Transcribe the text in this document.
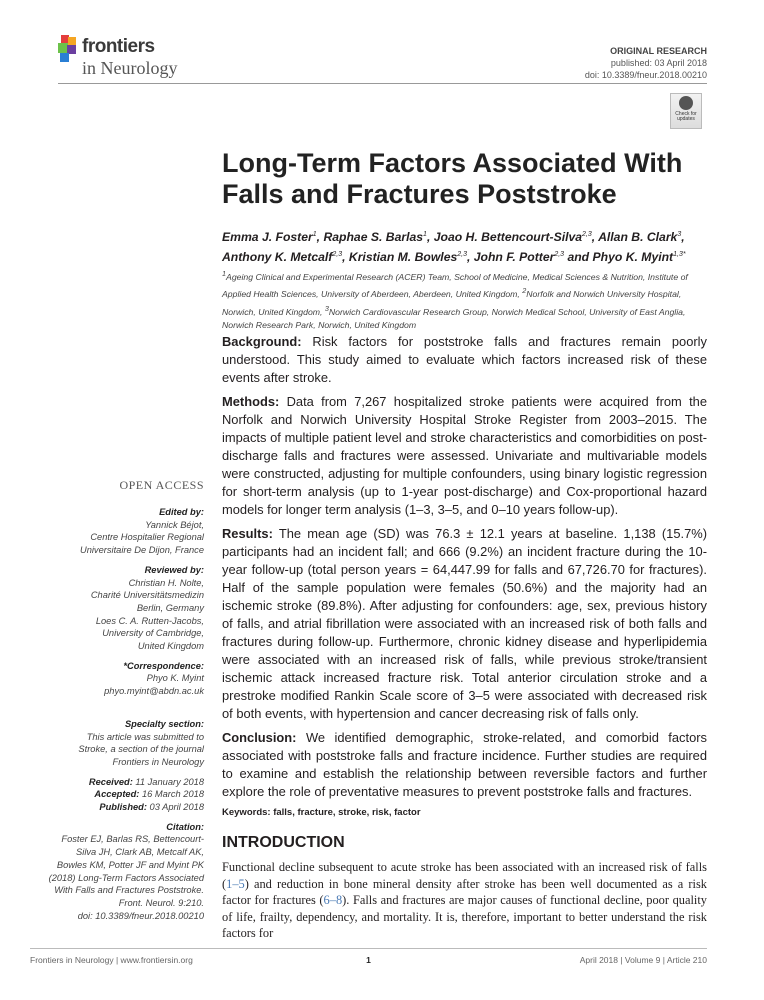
frontiers
in Neurology
ORIGINAL RESEARCH
published: 03 April 2018
doi: 10.3389/fneur.2018.00210
Check for updates
Long-Term Factors Associated With Falls and Fractures Poststroke
Emma J. Foster$^1$, Raphae S. Barlas$^1$, Joao H. Bettencourt-Silva$^{2,3}$, Allan B. Clark$^3$,
Anthony K. Metcalf$^{2,3}$, Kristian M. Bowles$^{2,3}$, John F. Potter$^{2,3}$ and Phyo K. Myint$^{1,3*}$
$^1$Ageing Clinical and Experimental Research (ACER) Team, School of Medicine, Medical Sciences & Nutrition, Institute of Applied Health Sciences, University of Aberdeen, Aberdeen, United Kingdom, $^2$Norfolk and Norwich University Hospital, Norwich, United Kingdom, $^3$Norwich Cardiovascular Research Group, Norwich Medical School, University of East Anglia, Norwich Research Park, Norwich, United Kingdom

Background: Risk factors for poststroke falls and fractures remain poorly understood. This study aimed to evaluate which factors increased risk of these events after stroke.

Methods: Data from 7,267 hospitalized stroke patients were acquired from the Norfolk and Norwich University Hospital Stroke Register from 2003–2015. The impacts of multiple patient level and stroke characteristics and comorbidities on post-discharge falls and fractures were assessed. Univariate and multivariable models were constructed, adjusting for multiple confounders, using binary logistic regression for short-term analysis (up to 1-year post-discharge) and Cox-proportional hazard models for longer term analysis (1–3, 3–5, and 0–10 years follow-up).

Results: The mean age (SD) was 76.3 ± 12.1 years at baseline. 1,138 (15.7%) participants had an incident fall; and 666 (9.2%) an incident fracture during the 10-year follow-up (total person years = 64,447.99 for falls and 67,726.70 for fractures). Half of the sample population were females (50.6%) and the majority had an ischemic stroke (89.8%). After adjusting for confounders: age, sex, previous history of falls, and atrial fibrillation were associated with an increased risk of both falls and fractures during follow-up. Furthermore, chronic kidney disease and hyperlipidemia were associated with an increased risk of falls, while previous stroke/transient ischemic attack increased fracture risk. Total anterior circulation stroke and a prestroke modified Rankin Scale score of 3–5 were associated with decreased risk of both events, with hypertension and cancer decreasing risk of falls only.

Conclusion: We identified demographic, stroke-related, and comorbid factors associated with poststroke falls and fracture incidence. Further studies are required to examine and establish the relationship between reversible factors and further explore the role of preventative measures to prevent poststroke falls and fractures.

Keywords: falls, fracture, stroke, risk, factor
INTRODUCTION
Functional decline subsequent to acute stroke has been associated with an increased risk of falls (1–5) and reduction in bone mineral density after stroke has been well documented as a risk factor for fractures (6–8). Falls and fractures are major causes of functional decline, poor quality of life, frailty, dependency, and mortality. It is, therefore, important to better understand the risk factors for
OPEN ACCESS
Edited by:
Yannick Béjot,
Centre Hospitalier Regional
Universitaire De Dijon, France
Reviewed by:
Christian H. Nolte,
Charité Universitätsmedizin
Berlin, Germany
Loes C. A. Rutten-Jacobs,
University of Cambridge,
United Kingdom
*Correspondence:
Phyo K. Myint
phyo.myint@abdn.ac.uk
Specialty section:
This article was submitted to
Stroke, a section of the journal
Frontiers in Neurology
Received: 11 January 2018
Accepted: 16 March 2018
Published: 03 April 2018
Citation:
Foster EJ, Barlas RS, Bettencourt-
Silva JH, Clark AB, Metcalf AK,
Bowles KM, Potter JF and Myint PK
(2018) Long-Term Factors Associated
With Falls and Fractures Poststroke.
Front. Neurol. 9:210.
doi: 10.3389/fneur.2018.00210
Frontiers in Neurology | www.frontiersin.org	1	April 2018 | Volume 9 | Article 210
